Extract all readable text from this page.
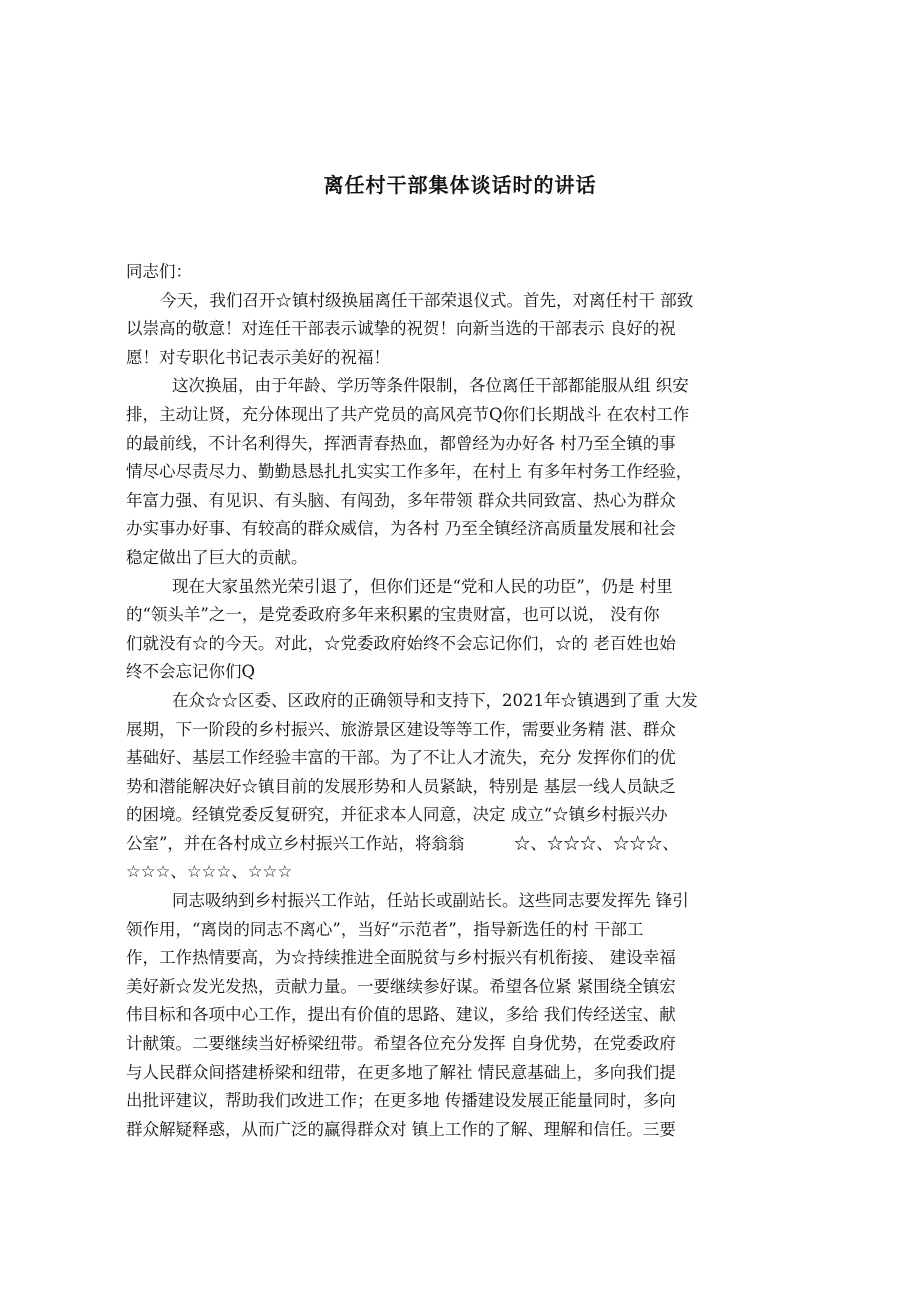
离任村干部集体谈话时的讲话
同志们：
今天，我们召开☆镇村级换届离任干部荣退仪式。首先，对离任村干 部致
以崇高的敬意！对连任干部表示诚挚的祝贺！向新当选的干部表示 良好的祝
愿！对专职化书记表示美好的祝福！
这次换届，由于年龄、学历等条件限制，各位离任干部都能服从组 织安
排，主动让贤，充分体现出了共产党员的高风亮节Q你们长期战斗 在农村工作
的最前线，不计名利得失，挥洒青春热血，都曾经为办好各 村乃至全镇的事
情尽心尽责尽力、勤勤恳恳扎扎实实工作多年，在村上 有多年村务工作经验，
年富力强、有见识、有头脑、有闯劲，多年带领 群众共同致富、热心为群众
办实事办好事、有较高的群众威信，为各村 乃至全镇经济高质量发展和社会
稳定做出了巨大的贡献。
现在大家虽然光荣引退了，但你们还是“党和人民的功臣”，仍是 村里
的“领头羊”之一，是党委政府多年来积累的宝贵财富，也可以说， 没有你
们就没有☆的今天。对此，☆党委政府始终不会忘记你们，☆的 老百姓也始
终不会忘记你们Q
在众☆☆区委、区政府的正确领导和支持下，2021年☆镇遇到了重 大发
展期，下一阶段的乡村振兴、旅游景区建设等等工作，需要业务精 湛、群众
基础好、基层工作经验丰富的干部。为了不让人才流失，充分 发挥你们的优
势和潜能解决好☆镇目前的发展形势和人员紧缺，特别是 基层一线人员缺乏
的困境。经镇党委反复研究，并征求本人同意，决定 成立“☆镇乡村振兴办
公室”，并在各村成立乡村振兴工作站，将翁翁　　　☆、☆☆☆、☆☆☆、
☆☆☆、☆☆☆、☆☆☆
同志吸纳到乡村振兴工作站，任站长或副站长。这些同志要发挥先 锋引
领作用，“离岗的同志不离心”，当好“示范者”，指导新选任的村 干部工
作，工作热情要高，为☆持续推进全面脱贫与乡村振兴有机衔接、 建设幸福
美好新☆发光发热，贡献力量。一要继续参好谋。希望各位紧 紧围绕全镇宏
伟目标和各项中心工作，提出有价值的思路、建议，多给 我们传经送宝、献
计献策。二要继续当好桥梁纽带。希望各位充分发挥 自身优势，在党委政府
与人民群众间搭建桥梁和纽带，在更多地了解社 情民意基础上，多向我们提
出批评建议，帮助我们改进工作；在更多地 传播建设发展正能量同时，多向
群众解疑释惑，从而广泛的赢得群众对 镇上工作的了解、理解和信任。三要
